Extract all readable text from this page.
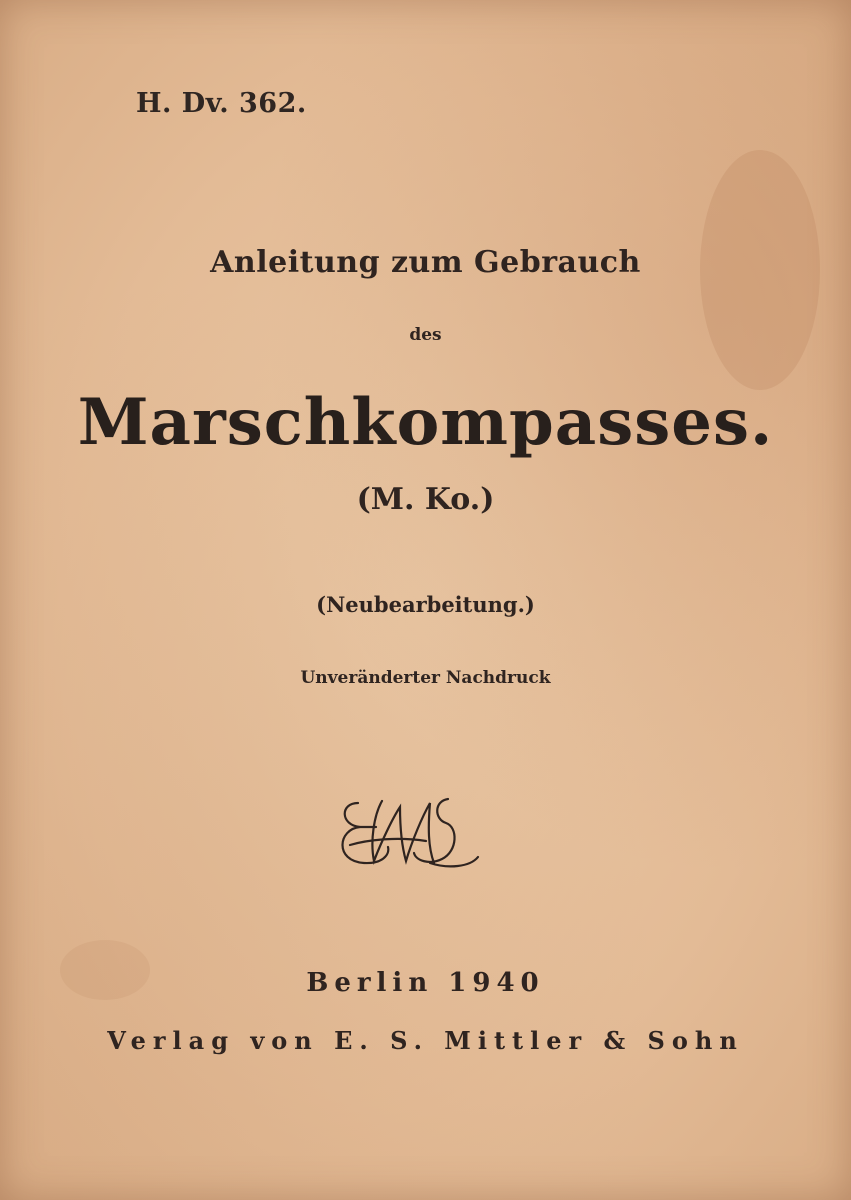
H. Dv. 362.
Anleitung zum Gebrauch
des
Marschkompasses.
(M. Ko.)
(Neubearbeitung.)
Unveränderter Nachdruck
Berlin 1940
Verlag von E. S. Mittler & Sohn
